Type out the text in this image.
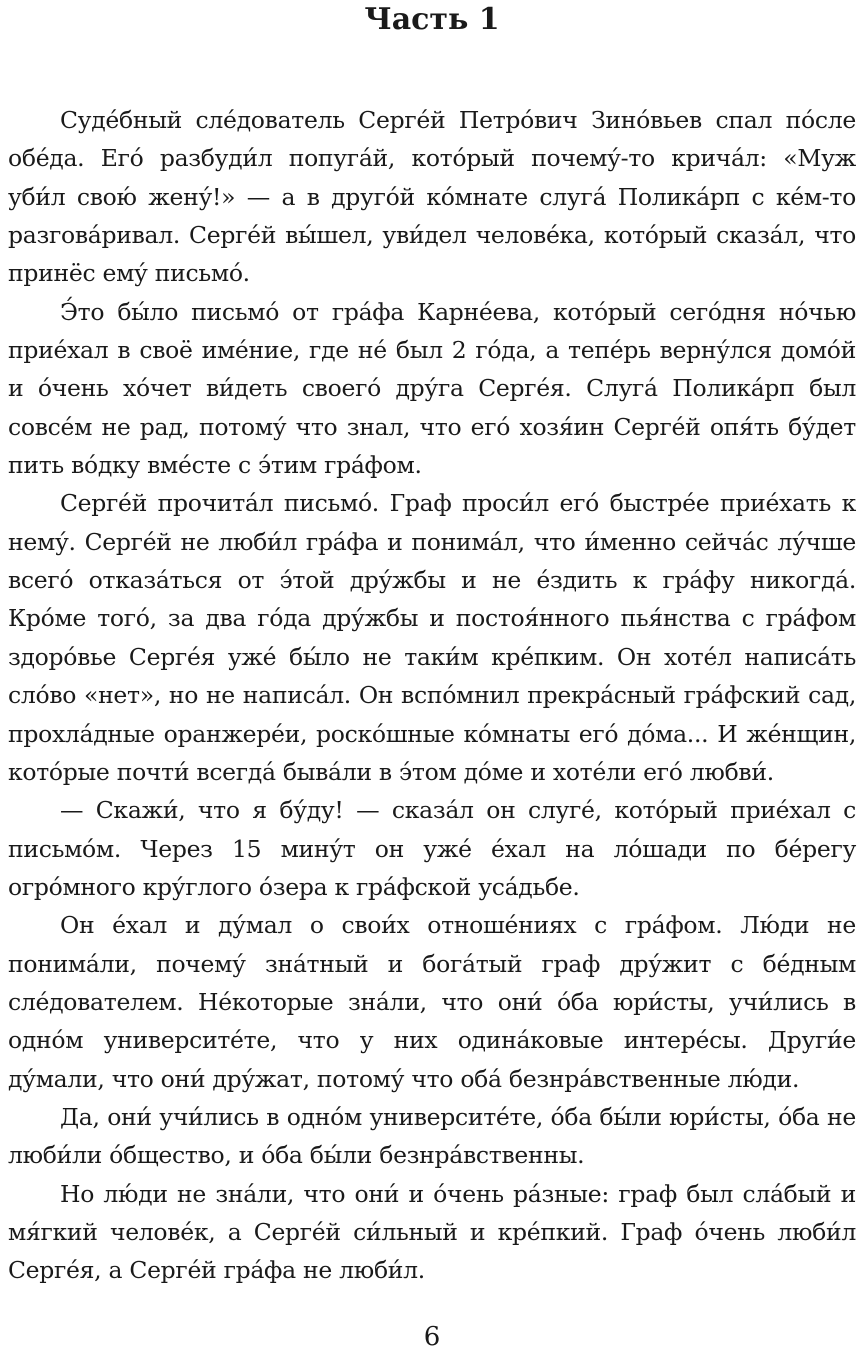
Часть 1

Суде́бный сле́дователь Серге́й Петро́вич Зино́вьев спал по́сле обе́да. Его́ разбуди́л попуга́й, кото́рый почему́-то крича́л: «Муж уби́л свою́ жену́!» — а в друго́й ко́мнате слуга́ Полика́рп с ке́м-то разгова́ривал. Серге́й вы́шел, уви́дел челове́ка, кото́рый сказа́л, что принёс ему́ письмо́.

Э́то бы́ло письмо́ от гра́фа Карне́ева, кото́рый сего́дня но́чью прие́хал в своё име́ние, где не́ был 2 го́да, а тепе́рь верну́лся домо́й и о́чень хо́чет ви́деть своего́ дру́га Серге́я. Слуга́ Полика́рп был совсе́м не рад, потому́ что знал, что его́ хозя́ин Серге́й опя́ть бу́дет пить во́дку вме́сте с э́тим гра́фом.

Серге́й прочита́л письмо́. Граф проси́л его́ быстре́е прие́хать к нему́. Серге́й не люби́л гра́фа и понима́л, что и́менно сейча́с лу́чше всего́ отказа́ться от э́той дру́жбы и не е́здить к гра́фу никогда́. Кро́ме того́, за два го́да дру́жбы и постоя́нного пья́нства с гра́фом здоро́вье Серге́я уже́ бы́ло не таки́м кре́пким. Он хоте́л написа́ть сло́во «нет», но не написа́л. Он вспо́мнил прекра́сный гра́фский сад, прохла́дные оранжере́и, роско́шные ко́мнаты его́ до́ма... И же́нщин, кото́рые почти́ всегда́ быва́ли в э́том до́ме и хоте́ли его́ любви́.

— Скажи́, что я бу́ду! — сказа́л он слуге́, кото́рый прие́хал с письмо́м. Через 15 мину́т он уже́ е́хал на ло́шади по бе́регу огро́много кру́глого о́зера к гра́фской уса́дьбе.

Он е́хал и ду́мал о свои́х отноше́ниях с гра́фом. Лю́ди не понима́ли, почему́ зна́тный и бога́тый граф дру́жит с бе́дным сле́дователем. Не́которые зна́ли, что они́ о́ба юри́сты, учи́лись в одно́м университе́те, что у них одина́ковые интере́сы. Други́е ду́мали, что они́ дру́жат, потому́ что оба́ безнра́вственные лю́ди.

Да, они́ учи́лись в одно́м университе́те, о́ба бы́ли юри́сты, о́ба не люби́ли о́бщество, и о́ба бы́ли безнра́вственны.

Но лю́ди не зна́ли, что они́ и о́чень ра́зные: граф был сла́бый и мя́гкий челове́к, а Серге́й си́льный и кре́пкий. Граф о́чень люби́л Серге́я, а Серге́й гра́фа не люби́л.

6
